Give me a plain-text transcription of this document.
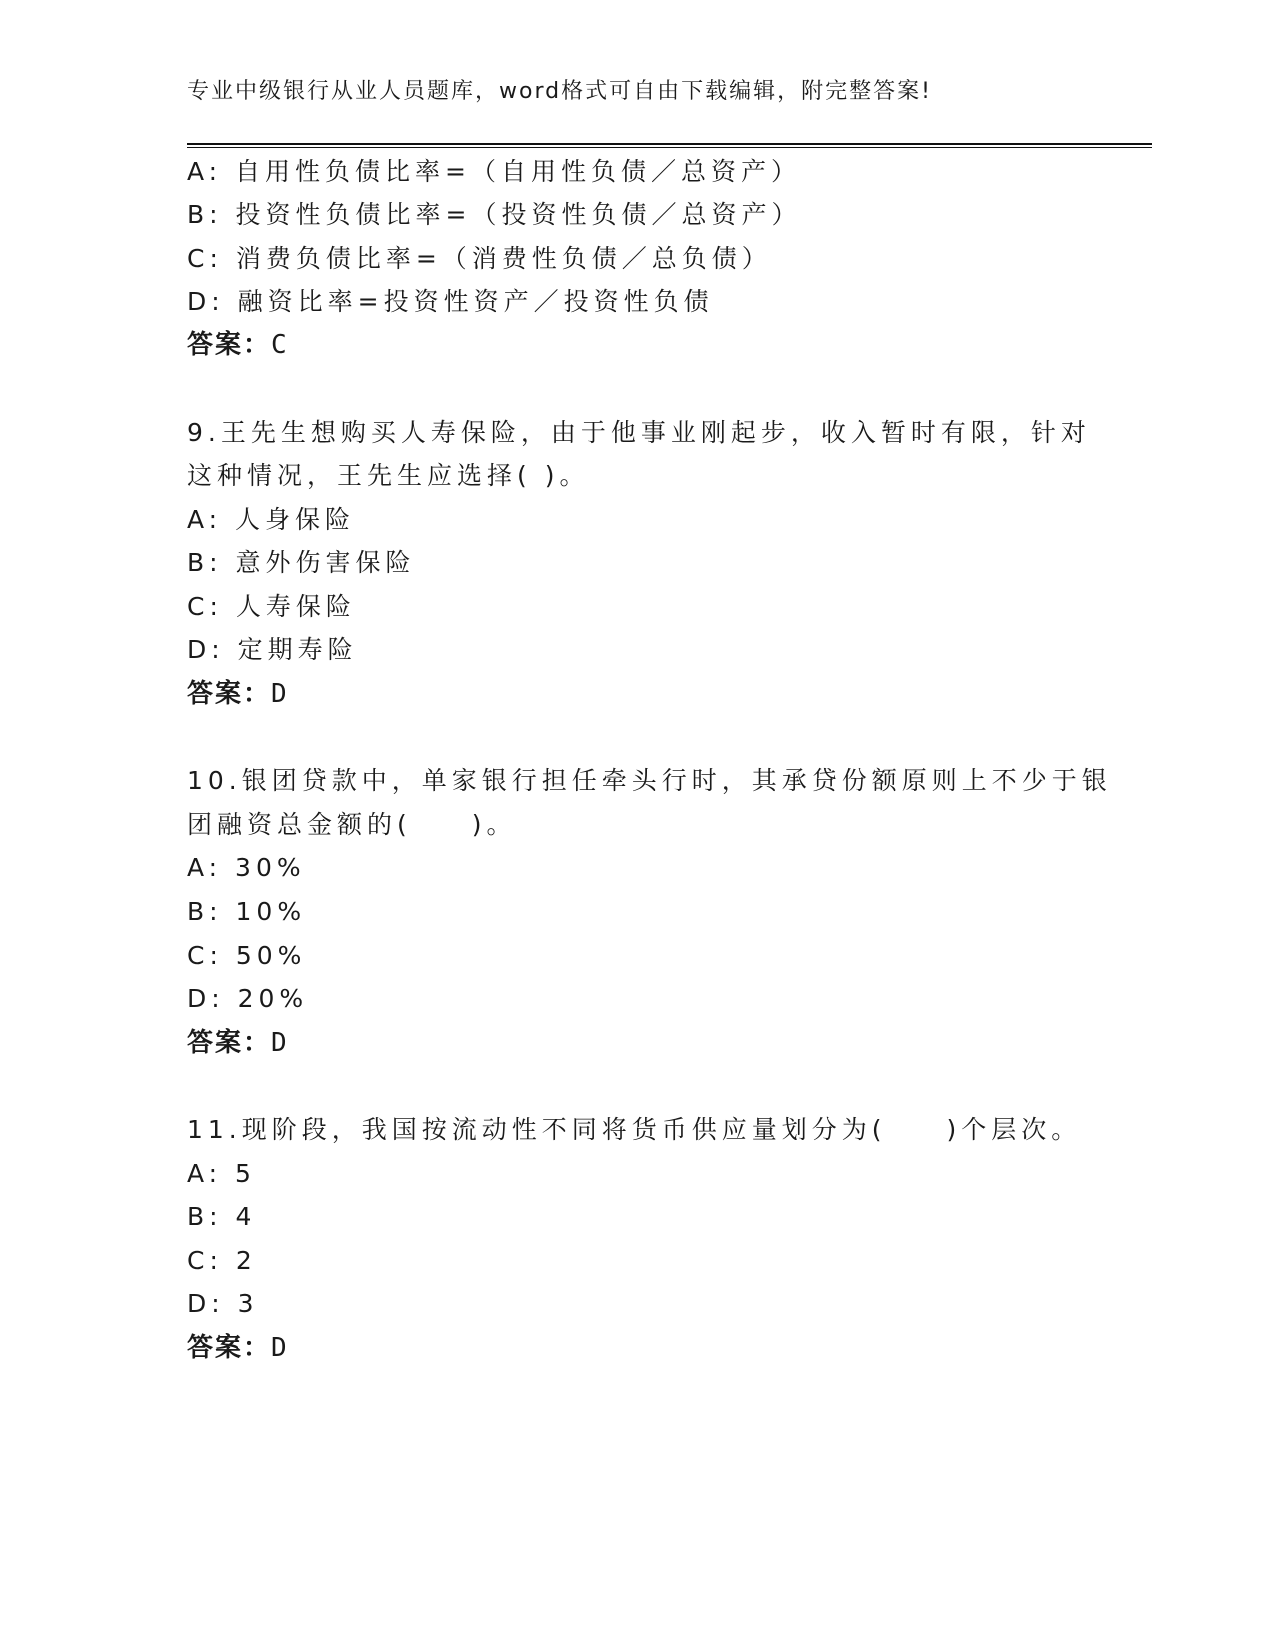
专业中级银行从业人员题库，word格式可自由下载编辑，附完整答案!
A: 自用性负债比率=（自用性负债／总资产）
B: 投资性负债比率=（投资性负债／总资产）
C: 消费负债比率=（消费性负债／总负债）
D: 融资比率=投资性资产／投资性负债
答案：C
9.王先生想购买人寿保险，由于他事业刚起步，收入暂时有限，针对
这种情况，王先生应选择( )。
A: 人身保险
B: 意外伤害保险
C: 人寿保险
D: 定期寿险
答案：D
10.银团贷款中，单家银行担任牵头行时，其承贷份额原则上不少于银
团融资总金额的(　　)。
A: 30%
B: 10%
C: 50%
D: 20%
答案：D
11.现阶段，我国按流动性不同将货币供应量划分为(　　)个层次。
A: 5
B: 4
C: 2
D: 3
答案：D
